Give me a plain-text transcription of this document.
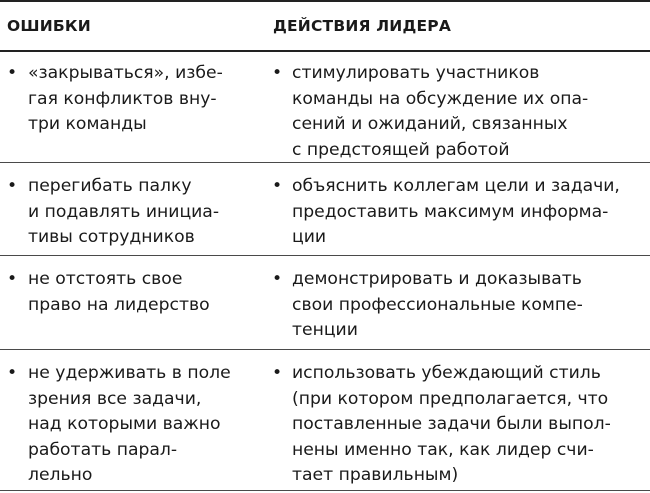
ОШИБКИ	ДЕЙСТВИЯ ЛИДЕРА
• «закрываться», избе-
гая конфликтов вну-
три команды
• стимулировать участников
команды на обсуждение их опа-
сений и ожиданий, связанных
с предстоящей работой
• перегибать палку
и подавлять инициа-
тивы сотрудников
• объяснить коллегам цели и задачи,
предоставить максимум информа-
ции
• не отстоять свое
право на лидерство
• демонстрировать и доказывать
свои профессиональные компе-
тенции
• не удерживать в поле
зрения все задачи,
над которыми важно
работать парал-
лельно
• использовать убеждающий стиль
(при котором предполагается, что
поставленные задачи были выпол-
нены именно так, как лидер счи-
тает правильным)
